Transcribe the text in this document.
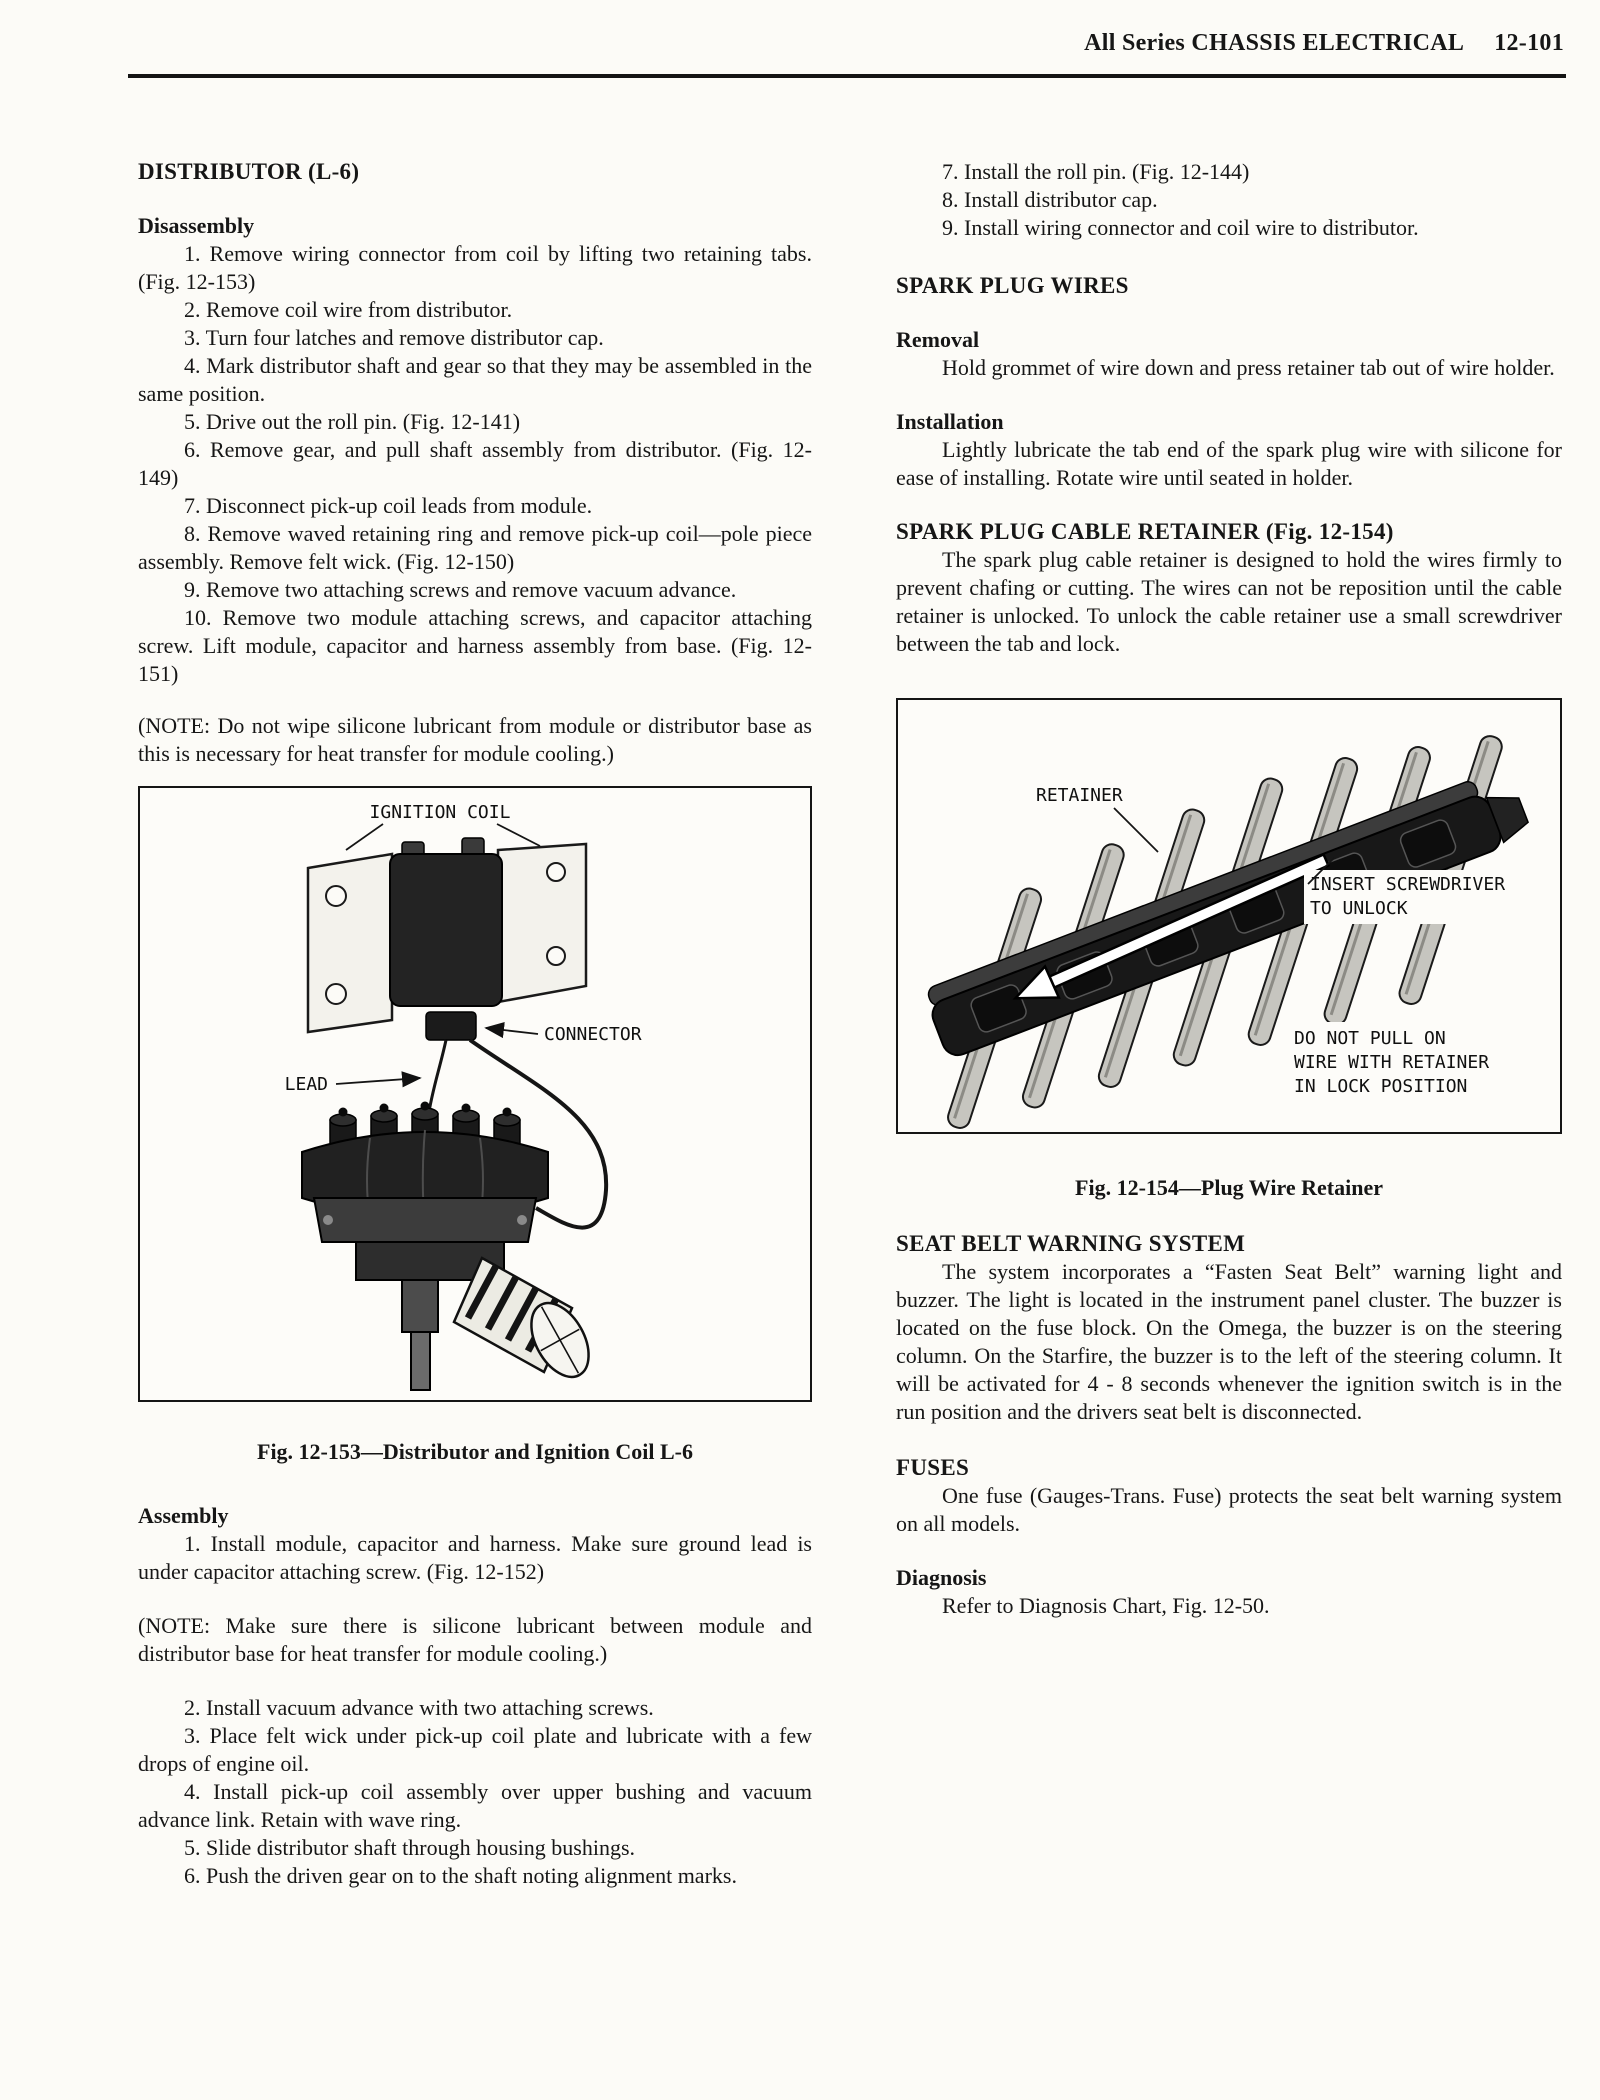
All Series CHASSIS ELECTRICAL 12-101
DISTRIBUTOR (L-6)
Disassembly

1. Remove wiring connector from coil by lifting two retaining tabs. (Fig. 12-153)

2. Remove coil wire from distributor.

3. Turn four latches and remove distributor cap.

4. Mark distributor shaft and gear so that they may be assembled in the same position.

5. Drive out the roll pin. (Fig. 12-141)

6. Remove gear, and pull shaft assembly from distributor. (Fig. 12-149)

7. Disconnect pick-up coil leads from module.

8. Remove waved retaining ring and remove pick-up coil—pole piece assembly. Remove felt wick. (Fig. 12-150)

9. Remove two attaching screws and remove vacuum advance.

10. Remove two module attaching screws, and capacitor attaching screw. Lift module, capacitor and harness assembly from base. (Fig. 12-151)

(NOTE: Do not wipe silicone lubricant from module or distributor base as this is necessary for heat transfer for module cooling.)

IGNITION COIL
CONNECTOR
LEAD

Fig. 12-153—Distributor and Ignition Coil L-6

Assembly

1. Install module, capacitor and harness. Make sure ground lead is under capacitor attaching screw. (Fig. 12-152)

(NOTE: Make sure there is silicone lubricant between module and distributor base for heat transfer for module cooling.)

2. Install vacuum advance with two attaching screws.

3. Place felt wick under pick-up coil plate and lubricate with a few drops of engine oil.

4. Install pick-up coil assembly over upper bushing and vacuum advance link. Retain with wave ring.

5. Slide distributor shaft through housing bushings.

6. Push the driven gear on to the shaft noting alignment marks.

7. Install the roll pin. (Fig. 12-144)

8. Install distributor cap.

9. Install wiring connector and coil wire to distributor.

SPARK PLUG WIRES
Removal

Hold grommet of wire down and press retainer tab out of wire holder.

Installation

Lightly lubricate the tab end of the spark plug wire with silicone for ease of installing. Rotate wire until seated in holder.

SPARK PLUG CABLE RETAINER (Fig. 12-154)

The spark plug cable retainer is designed to hold the wires firmly to prevent chafing or cutting. The wires can not be reposition until the cable retainer is unlocked. To unlock the cable retainer use a small screwdriver between the tab and lock.

RETAINER
INSERT SCREWDRIVER
TO UNLOCK
DO NOT PULL ON
WIRE WITH RETAINER
IN LOCK POSITION

Fig. 12-154—Plug Wire Retainer

SEAT BELT WARNING SYSTEM

The system incorporates a “Fasten Seat Belt” warning light and buzzer. The light is located in the instrument panel cluster. The buzzer is located on the fuse block. On the Omega, the buzzer is on the steering column. On the Starfire, the buzzer is to the left of the steering column. It will be activated for 4 - 8 seconds whenever the ignition switch is in the run position and the drivers seat belt is disconnected.

FUSES

One fuse (Gauges-Trans. Fuse) protects the seat belt warning system on all models.

Diagnosis

Refer to Diagnosis Chart, Fig. 12-50.
